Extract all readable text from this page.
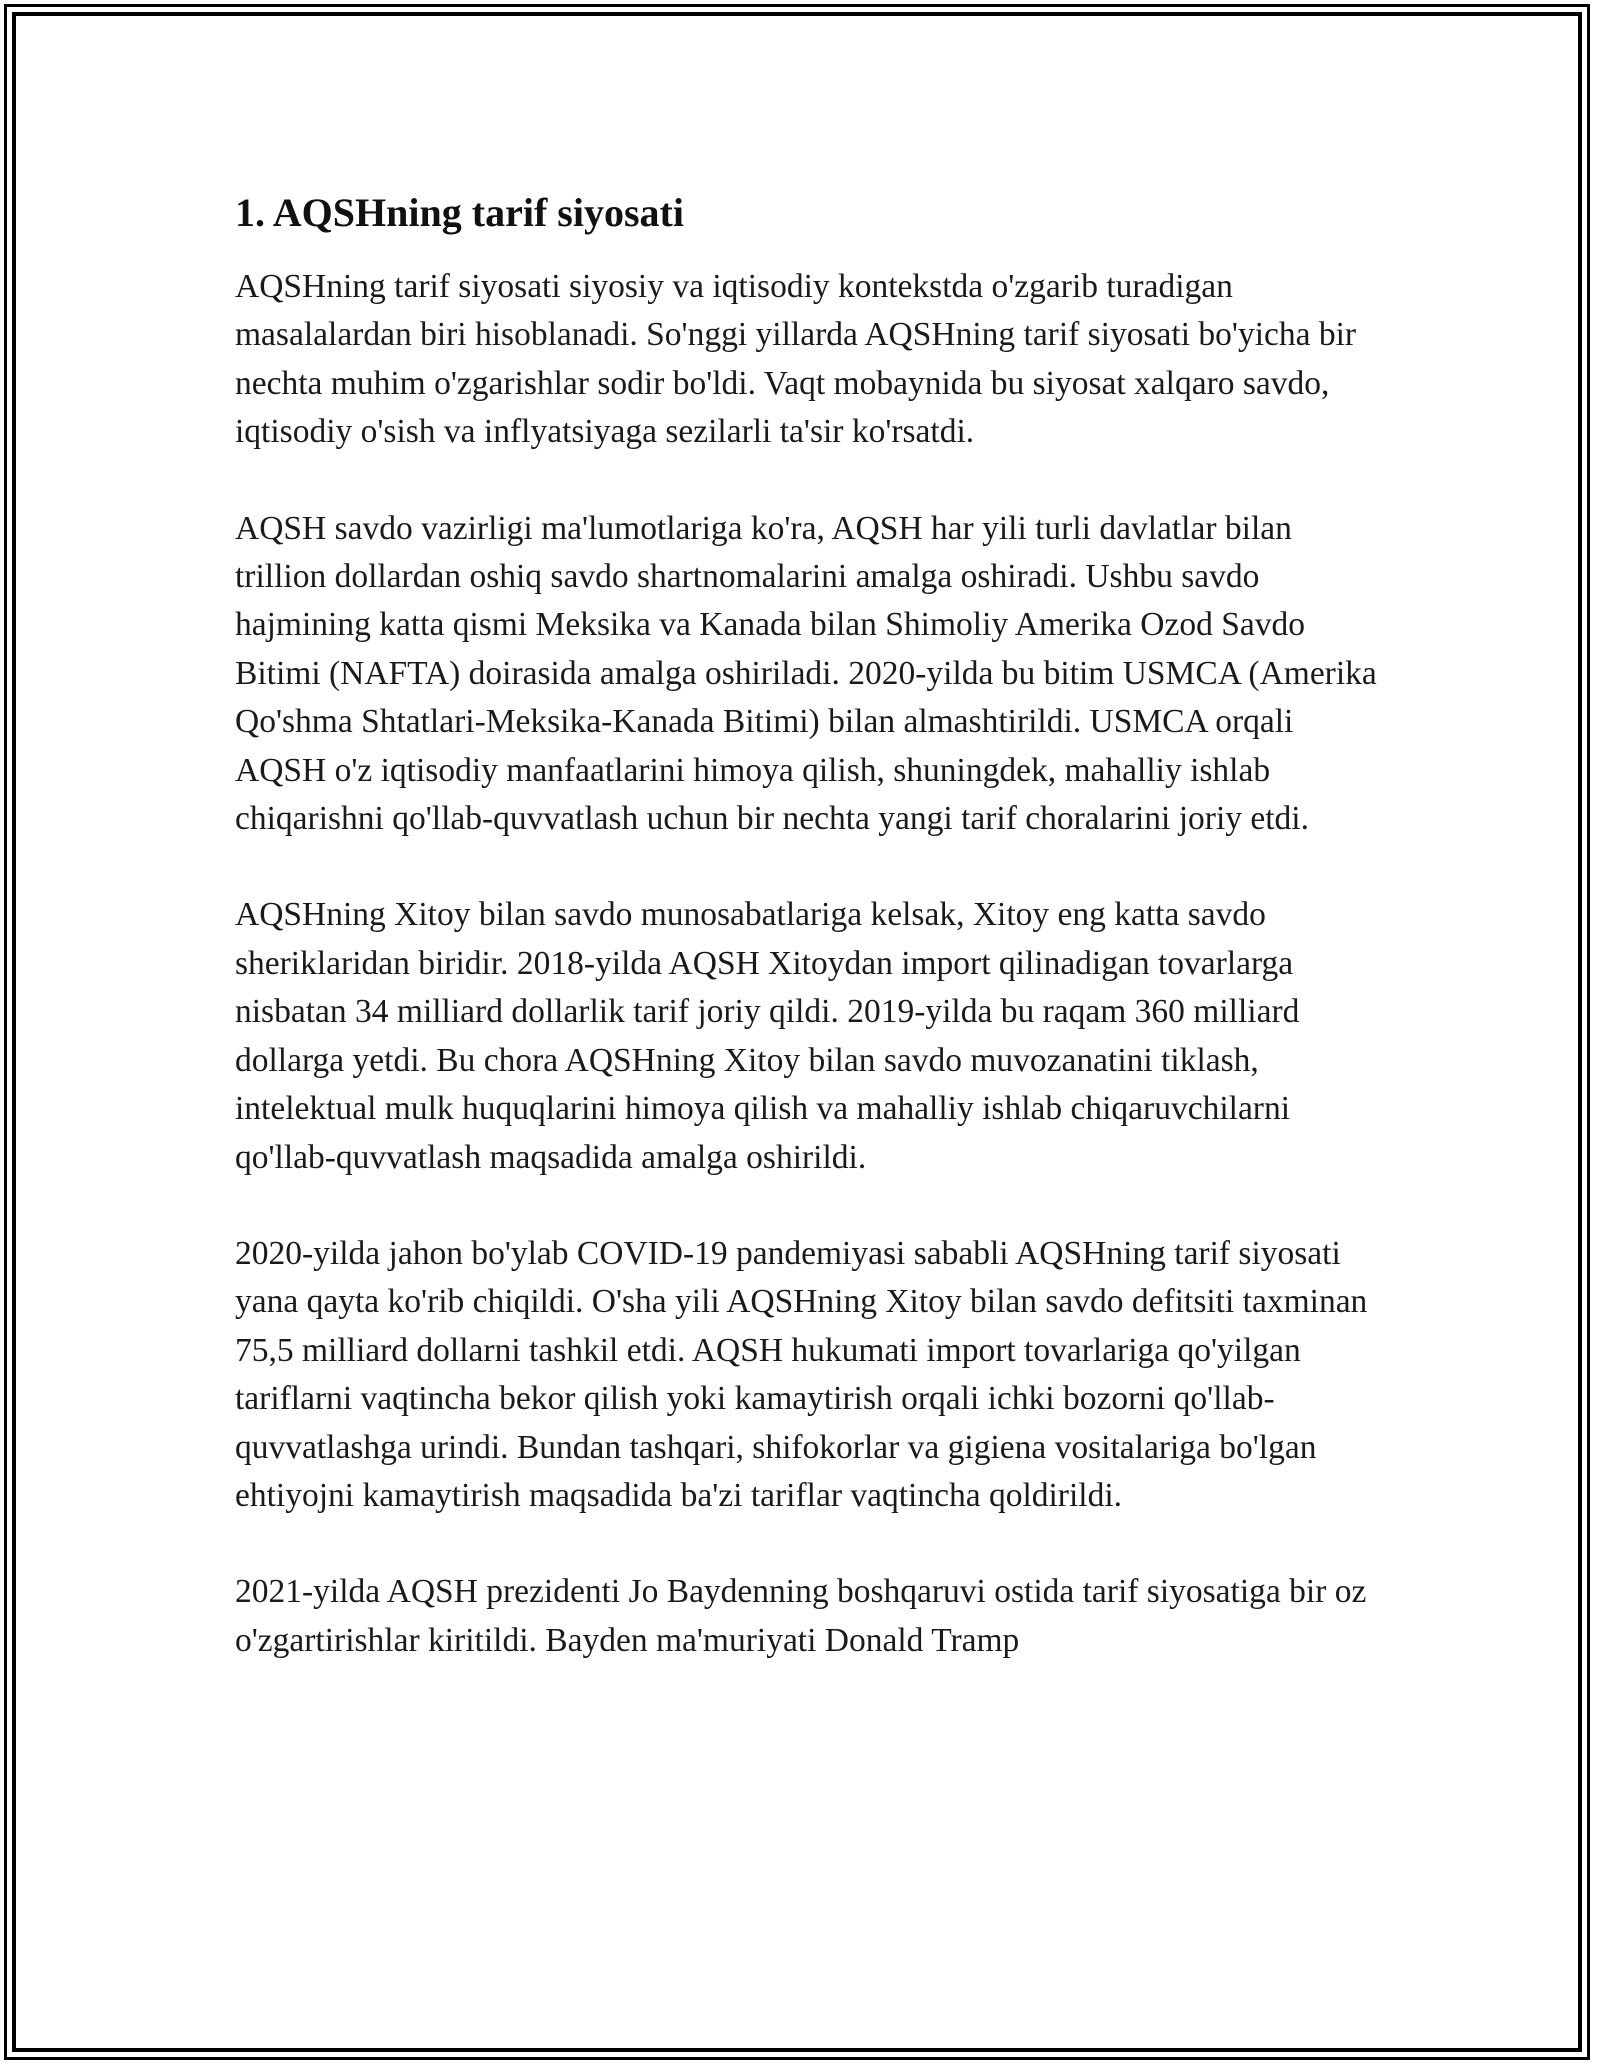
1. AQSHning tarif siyosati

AQSHning tarif siyosati siyosiy va iqtisodiy kontekstda o'zgarib turadigan masalalardan biri hisoblanadi. So'nggi yillarda AQSHning tarif siyosati bo'yicha bir nechta muhim o'zgarishlar sodir bo'ldi. Vaqt mobaynida bu siyosat xalqaro savdo, iqtisodiy o'sish va inflyatsiyaga sezilarli ta'sir ko'rsatdi.

AQSH savdo vazirligi ma'lumotlariga ko'ra, AQSH har yili turli davlatlar bilan trillion dollardan oshiq savdo shartnomalarini amalga oshiradi. Ushbu savdo hajmining katta qismi Meksika va Kanada bilan Shimoliy Amerika Ozod Savdo Bitimi (NAFTA) doirasida amalga oshiriladi. 2020-yilda bu bitim USMCA (Amerika Qo'shma Shtatlari-Meksika-Kanada Bitimi) bilan almashtirildi. USMCA orqali AQSH o'z iqtisodiy manfaatlarini himoya qilish, shuningdek, mahalliy ishlab chiqarishni qo'llab-quvvatlash uchun bir nechta yangi tarif choralarini joriy etdi.

AQSHning Xitoy bilan savdo munosabatlariga kelsak, Xitoy eng katta savdo sheriklaridan biridir. 2018-yilda AQSH Xitoydan import qilinadigan tovarlarga nisbatan 34 milliard dollarlik tarif joriy qildi. 2019-yilda bu raqam 360 milliard dollarga yetdi. Bu chora AQSHning Xitoy bilan savdo muvozanatini tiklash, intelektual mulk huquqlarini himoya qilish va mahalliy ishlab chiqaruvchilarni qo'llab-quvvatlash maqsadida amalga oshirildi.

2020-yilda jahon bo'ylab COVID-19 pandemiyasi sababli AQSHning tarif siyosati yana qayta ko'rib chiqildi. O'sha yili AQSHning Xitoy bilan savdo defitsiti taxminan 75,5 milliard dollarni tashkil etdi. AQSH hukumati import tovarlariga qo'yilgan tariflarni vaqtincha bekor qilish yoki kamaytirish orqali ichki bozorni qo'llab-quvvatlashga urindi. Bundan tashqari, shifokorlar va gigiena vositalariga bo'lgan ehtiyojni kamaytirish maqsadida ba'zi tariflar vaqtincha qoldirildi.

2021-yilda AQSH prezidenti Jo Baydenning boshqaruvi ostida tarif siyosatiga bir oz o'zgartirishlar kiritildi. Bayden ma'muriyati Donald Tramp
